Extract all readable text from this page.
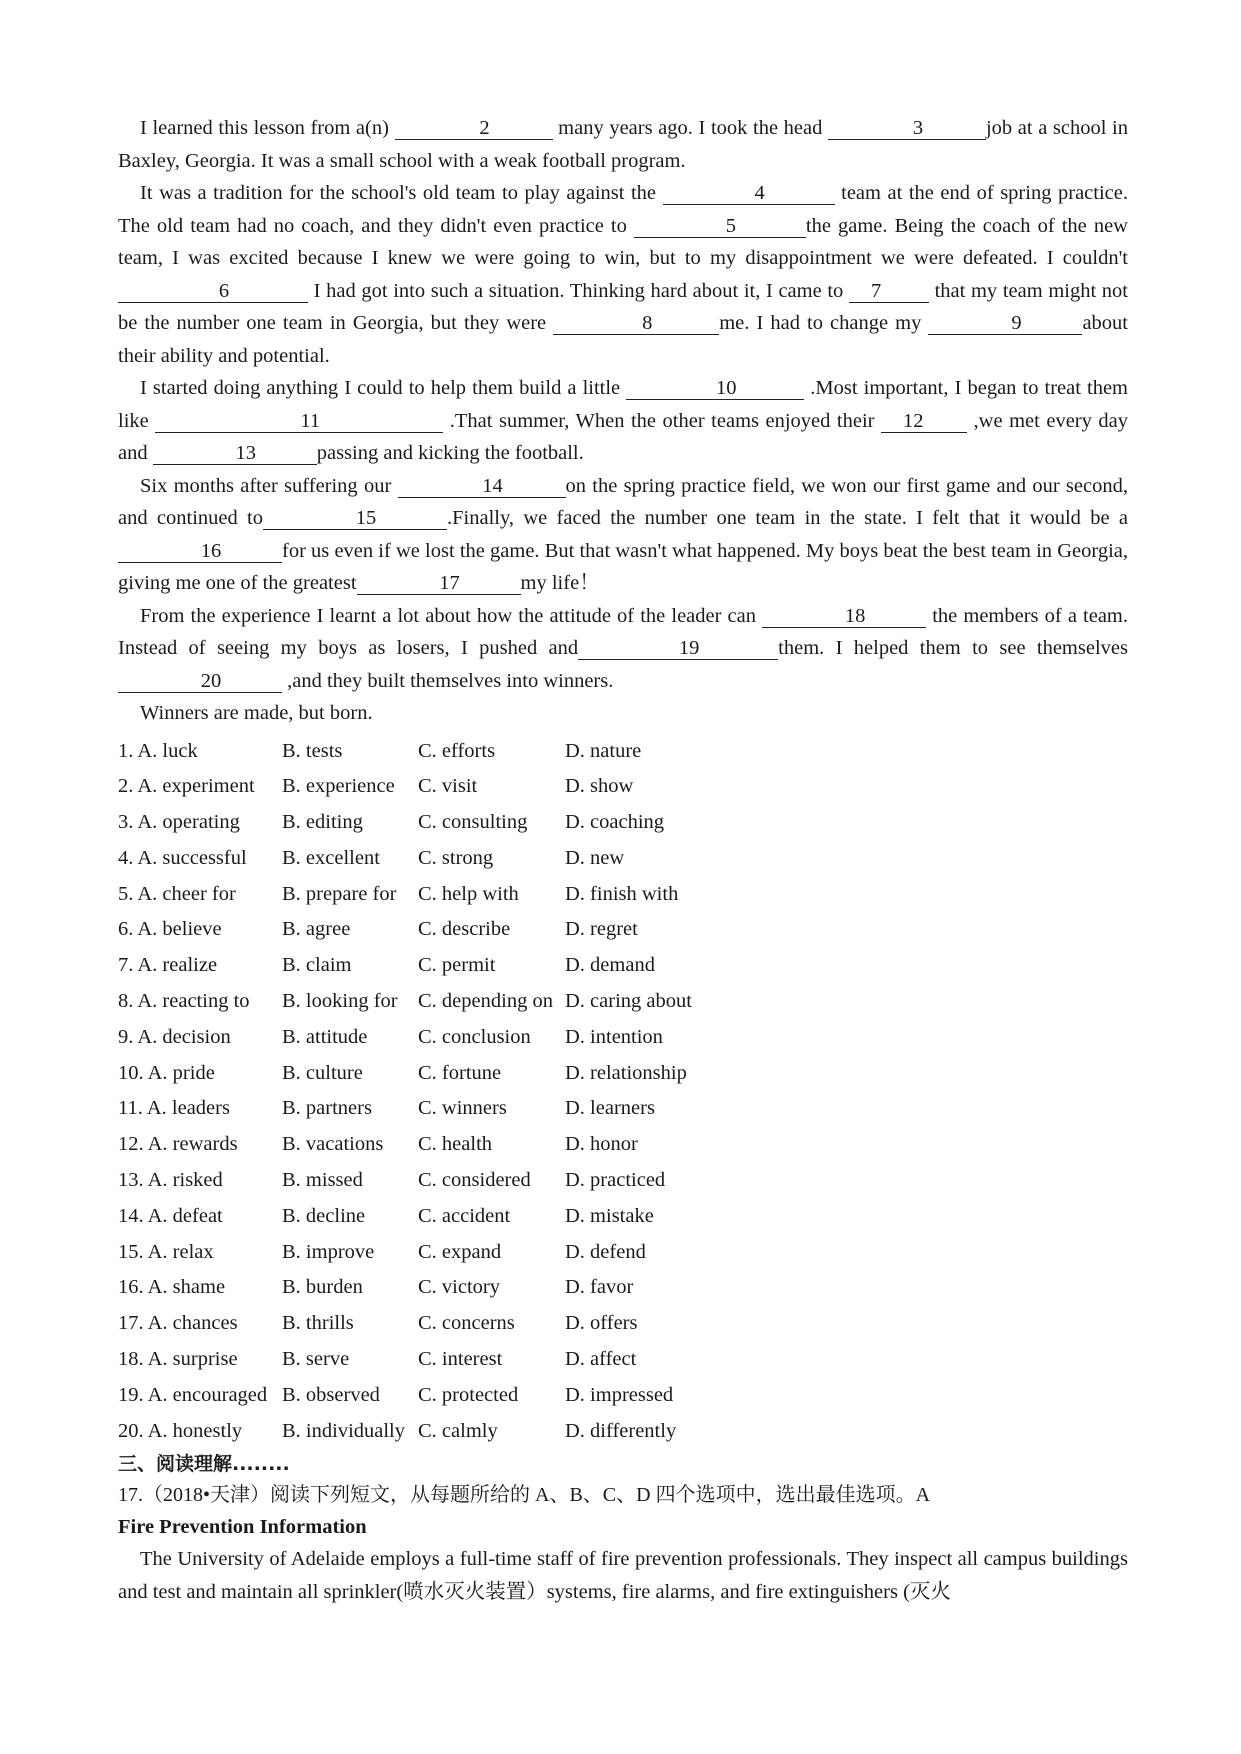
I learned this lesson from a(n)	2	many years ago. I took the head	3	job at a school in Baxley, Georgia. It was a small school with a weak football program.

It was a tradition for the school's old team to play against the	4	team at the end of spring practice. The old team had no coach, and they didn't even practice to	5	the game. Being the coach of the new team, I was excited because I knew we were going to win, but to my disappointment we were defeated. I couldn't 6	I had got into such a situation. Thinking hard about it, I came to 7 that my team might not be the number one team in Georgia, but they were	8	me. I had to change my	9	about their ability and potential.

I started doing anything I could to help them build a little	10	.Most important, I began to treat them like	11	.That summer, When the other teams enjoyed their 12 ,we met every day and	13	passing and kicking the football.

Six months after suffering our	14	on the spring practice field, we won our first game and our second, and continued to	15	.Finally, we faced the number one team in the state. I felt that it would be a 16	for us even if we lost the game. But that wasn't what happened. My boys beat the best team in Georgia, giving me one of the greatest	17	my life！

From the experience I learnt a lot about how the attitude of the leader can	18	the members of a team. Instead of seeing my boys as losers, I pushed and	19	them. I helped them to see themselves 20	,and they built themselves into winners.

Winners are made, but born.

1. A. luck	B. tests	C. efforts	D. nature
2. A. experiment	B. experience	C. visit	D. show
3. A. operating	B. editing	C. consulting	D. coaching
4. A. successful	B. excellent	C. strong	D. new
5. A. cheer for	B. prepare for	C. help with	D. finish with
6. A. believe	B. agree	C. describe	D. regret
7. A. realize	B. claim	C. permit	D. demand
8. A. reacting to	B. looking for C. depending on D. caring about
9. A. decision	B. attitude	C. conclusion	D. intention
10. A. pride	B. culture	C. fortune	D. relationship
11. A. leaders	B. partners	C. winners	D. learners
12. A. rewards	B. vacations	C. health	D. honor
13. A. risked	B. missed	C. considered	D. practiced
14. A. defeat	B. decline	C. accident	D. mistake
15. A. relax	B. improve	C. expand	D. defend
16. A. shame	B. burden	C. victory	D. favor
17. A. chances	B. thrills	C. concerns	D. offers
18. A. surprise	B. serve	C. interest	D. affect
19. A. encouraged B. observed	C. protected	D. impressed
20. A. honestly	B. individually C. calmly	D. differently
三、阅读理解........
17.（2018•天津）阅读下列短文，从每题所给的 A、B、C、D 四个选项中，选出最佳选项。A
Fire Prevention Information

The University of Adelaide employs a full-time staff of fire prevention professionals. They inspect all campus buildings and test and maintain all sprinkler(喷水灭火装置）systems, fire alarms, and fire extinguishers (灭火
